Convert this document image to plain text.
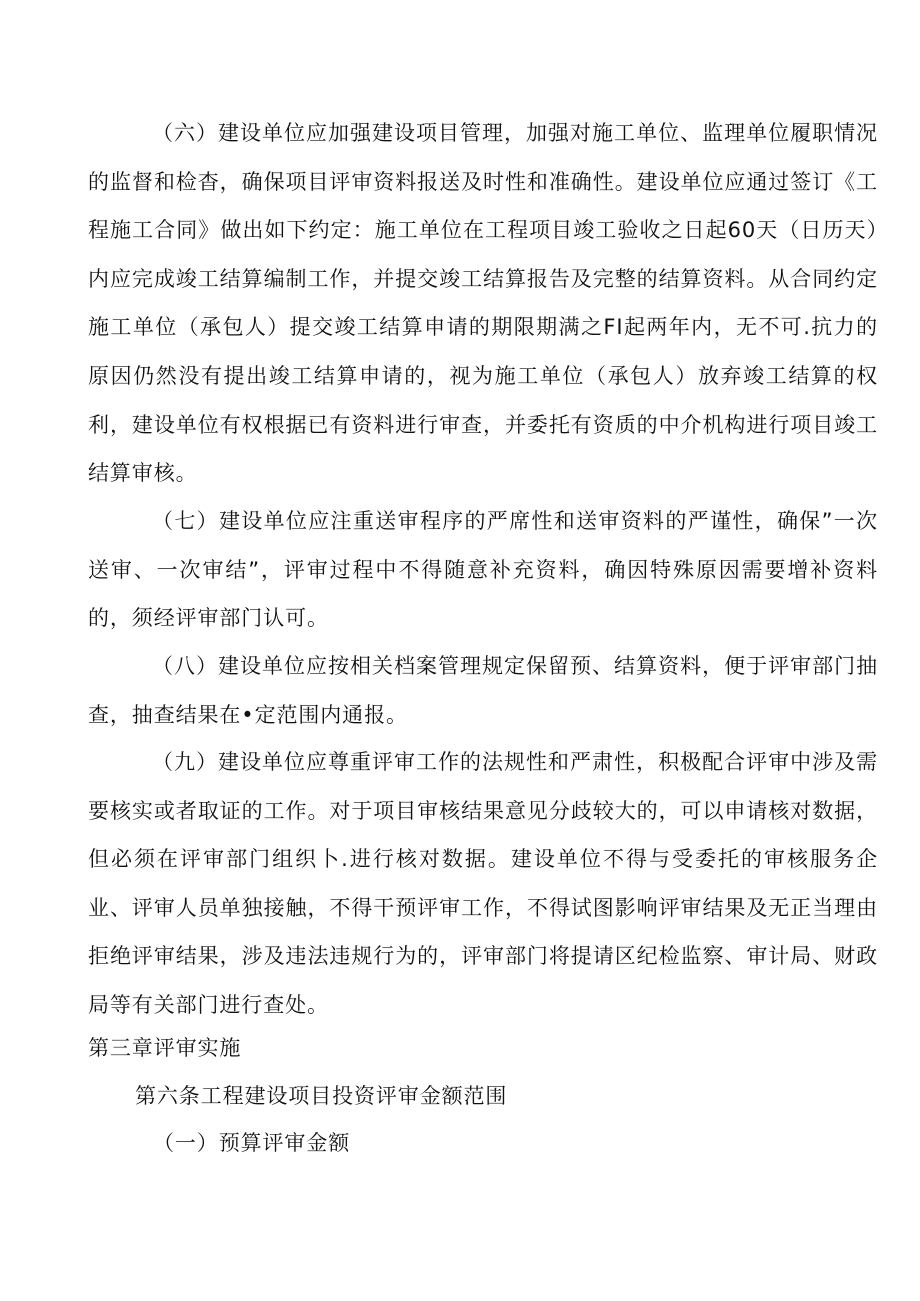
（六）建设单位应加强建设项目管理，加强对施工单位、监理单位履职情况的监督和检杳，确保项目评审资料报送及时性和准确性。建设单位应通过签订《工程施工合同》做出如下约定：施工单位在工程项目竣工验收之日起60天（日历天）内应完成竣工结算编制工作，并提交竣工结算报告及完整的结算资料。从合同约定施工单位（承包人）提交竣工结算申请的期限期满之FI起两年内，无不可.抗力的原因仍然没有提出竣工结算申请的，视为施工单位（承包人）放弃竣工结算的权利，建设单位有权根据已有资料进行审查，并委托有资质的中介机构进行项目竣工结算审核。

（七）建设单位应注重送审程序的严席性和送审资料的严谨性，确保”一次送审、一次审结”，评审过程中不得随意补充资料，确因特殊原因需要增补资料的，须经评审部门认可。

（八）建设单位应按相关档案管理规定保留预、结算资料，便于评审部门抽查，抽查结果在•定范围内通报。

（九）建设单位应尊重评审工作的法规性和严肃性，积极配合评审中涉及需要核实或者取证的工作。对于项目审核结果意见分歧较大的，可以申请核对数据，但必须在评审部门组织卜.进行核对数据。建设单位不得与受委托的审核服务企业、评审人员单独接触，不得干预评审工作，不得试图影响评审结果及无正当理由拒绝评审结果，涉及违法违规行为的，评审部门将提请区纪检监察、审计局、财政局等有关部门进行查处。

第三章评审实施

第六条工程建设项目投资评审金额范围

（一）预算评审金额
